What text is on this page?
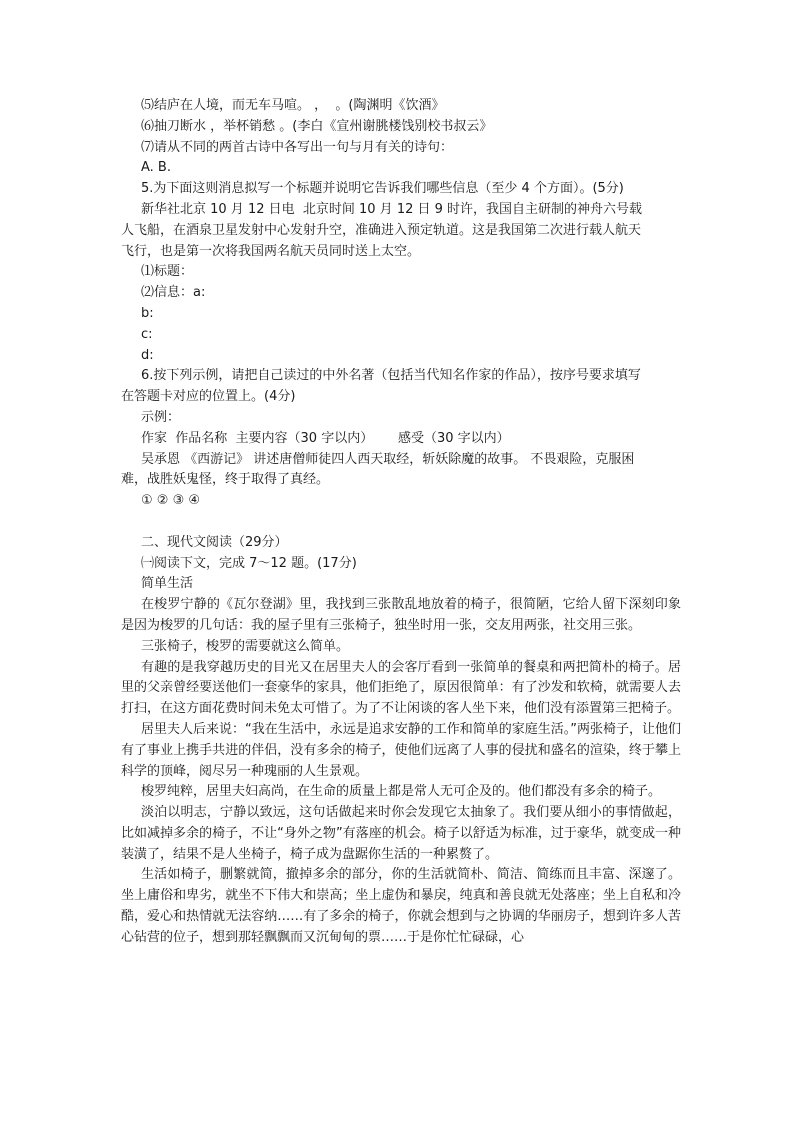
⑸结庐在人境，而无车马喧。 ，  。(陶渊明《饮酒》
⑹抽刀断水 ，举杯销愁 。(李白《宣州谢朓楼饯别校书叔云》
⑺请从不同的两首古诗中各写出一句与月有关的诗句：
A. B.
5.为下面这则消息拟写一个标题并说明它告诉我们哪些信息（至少 4 个方面）。(5分)
新华社北京 10 月 12 日电  北京时间 10 月 12 日 9 时许，我国自主研制的神舟六号载
人飞船，在酒泉卫星发射中心发射升空，准确进入预定轨道。这是我国第二次进行载人航天
飞行，也是第一次将我国两名航天员同时送上太空。
⑴标题：
⑵信息：a:
b:
c:
d:
6.按下列示例，请把自己读过的中外名著（包括当代知名作家的作品），按序号要求填写
在答题卡对应的位置上。(4分)
示例：
作家  作品名称  主要内容（30 字以内）      感受（30 字以内）
吴承恩 《西游记》 讲述唐僧师徒四人西天取经，斩妖除魔的故事。 不畏艰险，克服困
难，战胜妖鬼怪，终于取得了真经。
① ② ③ ④
二、现代文阅读（29分）
㈠阅读下文，完成 7～12 题。(17分)
简单生活
在梭罗宁静的《瓦尔登湖》里，我找到三张散乱地放着的椅子，很简陋，它给人留下深刻印象是因为梭罗的几句话：我的屋子里有三张椅子，独坐时用一张，交友用两张，社交用三张。
三张椅子，梭罗的需要就这么简单。
有趣的是我穿越历史的目光又在居里夫人的会客厅看到一张简单的餐桌和两把简朴的椅子。居里的父亲曾经要送他们一套豪华的家具，他们拒绝了，原因很简单：有了沙发和软椅，就需要人去打扫，在这方面花费时间未免太可惜了。为了不让闲谈的客人坐下来，他们没有添置第三把椅子。
居里夫人后来说：“我在生活中，永远是追求安静的工作和简单的家庭生活。”两张椅子，让他们有了事业上携手共进的伴侣，没有多余的椅子，使他们远离了人事的侵扰和盛名的渲染，终于攀上科学的顶峰，阅尽另一种瑰丽的人生景观。
梭罗纯粹，居里夫妇高尚，在生命的质量上都是常人无可企及的。他们都没有多余的椅子。
淡泊以明志，宁静以致远，这句话做起来时你会发现它太抽象了。我们要从细小的事情做起，比如减掉多余的椅子，不让“身外之物”有落座的机会。椅子以舒适为标准，过于豪华，就变成一种装潢了，结果不是人坐椅子，椅子成为盘踞你生活的一种累赘了。
生活如椅子，删繁就简，撤掉多余的部分，你的生活就简朴、简洁、简练而且丰富、深邃了。坐上庸俗和卑劣，就坐不下伟大和崇高；坐上虚伪和暴戾，纯真和善良就无处落座；坐上自私和冷酷，爱心和热情就无法容纳……有了多余的椅子，你就会想到与之协调的华丽房子，想到许多人苦心钻营的位子，想到那轻飘飘而又沉甸甸的票……于是你忙忙碌碌，心
